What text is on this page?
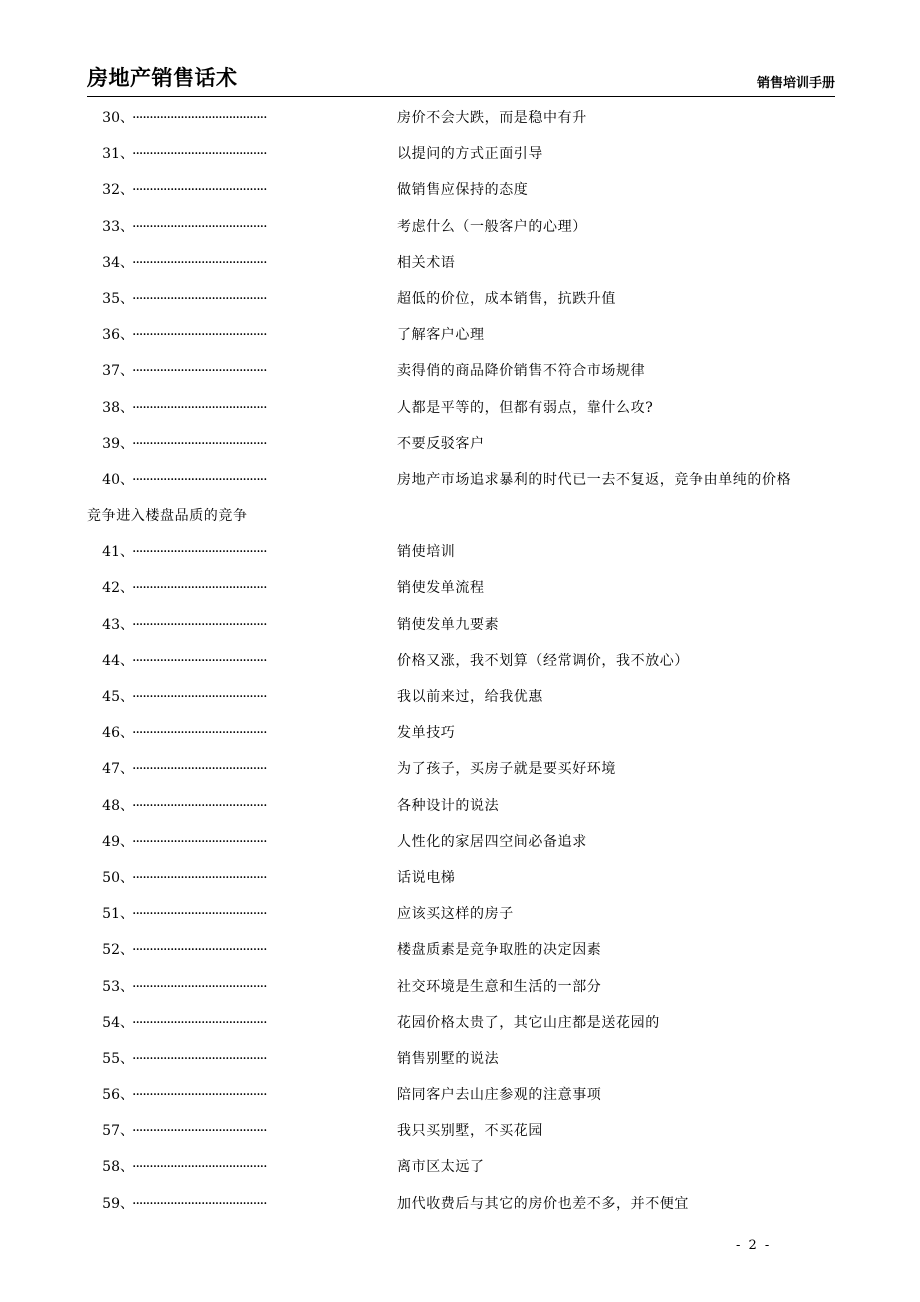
房地产销售话术	销售培训手册
30、·······································	房价不会大跌，而是稳中有升
31、·······································	以提问的方式正面引导
32、·······································	做销售应保持的态度
33、·······································	考虑什么（一般客户的心理）
34、·······································	相关术语
35、·······································	超低的价位，成本销售，抗跌升值
36、·······································	了解客户心理
37、·······································	卖得俏的商品降价销售不符合市场规律
38、·······································	人都是平等的，但都有弱点，靠什么攻?
39、·······································	不要反驳客户
40、·······································	房地产市场追求暴利的时代已一去不复返，竞争由单纯的价格
竞争进入楼盘品质的竞争
41、·······································	销使培训
42、·······································	销使发单流程
43、·······································	销使发单九要素
44、·······································	价格又涨，我不划算（经常调价，我不放心）
45、·······································	我以前来过，给我优惠
46、·······································	发单技巧
47、·······································	为了孩子，买房子就是要买好环境
48、·······································	各种设计的说法
49、·······································	人性化的家居四空间必备追求
50、·······································	话说电梯
51、·······································	应该买这样的房子
52、·······································	楼盘质素是竞争取胜的决定因素
53、·······································	社交环境是生意和生活的一部分
54、·······································	花园价格太贵了，其它山庄都是送花园的
55、·······································	销售别墅的说法
56、·······································	陪同客户去山庄参观的注意事项
57、·······································	我只买别墅，不买花园
58、·······································	离市区太远了
59、·······································	加代收费后与其它的房价也差不多，并不便宜
- 2 -
